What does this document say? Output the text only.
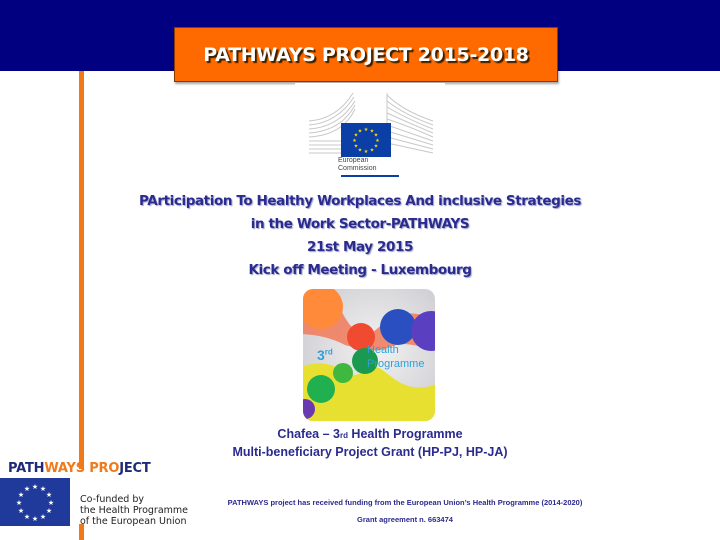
PATHWAYS PROJECT 2015-2018
★ ★
★
★
★
★
★
★
★
★
★
★
European
Commission
PArticipation To Healthy Workplaces And inclusive Strategies
in the Work Sector-PATHWAYS
21st May 2015
Kick off Meeting - Luxembourg
3rd	Health
Programme
Chafea – 3rd Health Programme
Multi-beneficiary Project Grant (HP-PJ, HP-JA)
PATHWAYS PROJECT
★ ★
★
★
★
★
★
★
★
★
★
★
Co-funded by
the Health Programme
of the European Union
PATHWAYS project has received funding from the European Union’s Health Programme (2014-2020)
Grant agreement n. 663474
